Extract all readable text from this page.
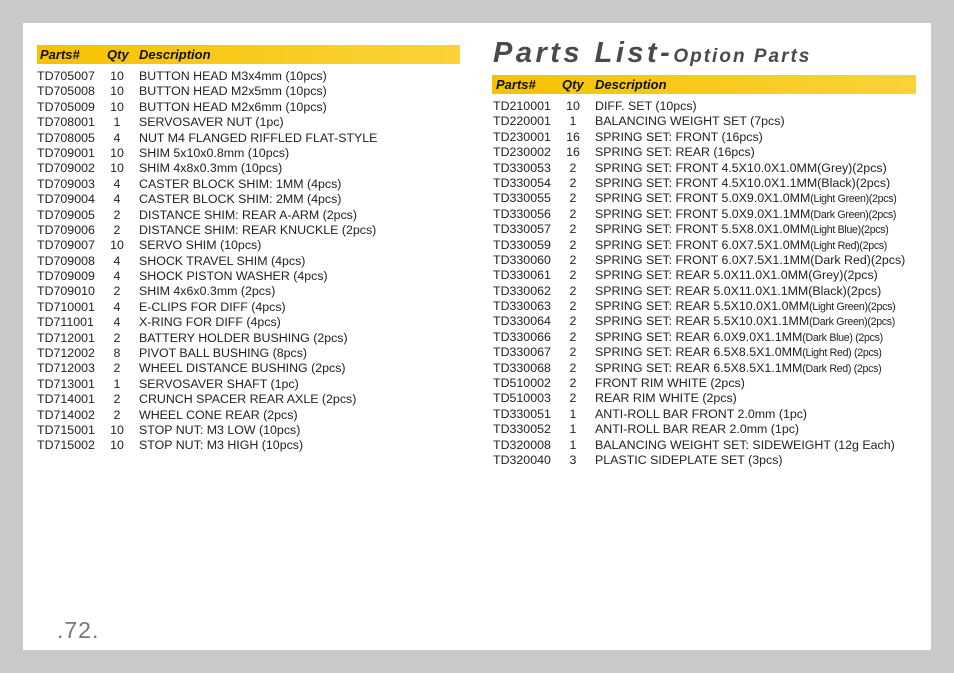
Parts# Qty Description
TD705007	10	BUTTON HEAD M3x4mm (10pcs)
TD705008	10	BUTTON HEAD M2x5mm (10pcs)
TD705009	10	BUTTON HEAD M2x6mm (10pcs)
TD708001	1	SERVOSAVER NUT (1pc)
TD708005	4	NUT M4 FLANGED RIFFLED FLAT-STYLE
TD709001	10	SHIM 5x10x0.8mm (10pcs)
TD709002	10	SHIM 4x8x0.3mm (10pcs)
TD709003	4	CASTER BLOCK SHIM: 1MM (4pcs)
TD709004	4	CASTER BLOCK SHIM: 2MM (4pcs)
TD709005	2	DISTANCE SHIM: REAR A-ARM (2pcs)
TD709006	2	DISTANCE SHIM: REAR KNUCKLE (2pcs)
TD709007	10	SERVO SHIM (10pcs)
TD709008	4	SHOCK TRAVEL SHIM (4pcs)
TD709009	4	SHOCK PISTON WASHER (4pcs)
TD709010	2	SHIM 4x6x0.3mm (2pcs)
TD710001	4	E-CLIPS FOR DIFF (4pcs)
TD711001	4	X-RING FOR DIFF (4pcs)
TD712001	2	BATTERY HOLDER BUSHING (2pcs)
TD712002	8	PIVOT BALL BUSHING (8pcs)
TD712003	2	WHEEL DISTANCE BUSHING (2pcs)
TD713001	1	SERVOSAVER SHAFT (1pc)
TD714001	2	CRUNCH SPACER REAR AXLE (2pcs)
TD714002	2	WHEEL CONE REAR (2pcs)
TD715001	10	STOP NUT: M3 LOW (10pcs)
TD715002	10	STOP NUT: M3 HIGH (10pcs)
Parts List-Option Parts
Parts# Qty Description
TD210001	10	DIFF. SET (10pcs)
TD220001	1	BALANCING WEIGHT SET (7pcs)
TD230001	16	SPRING SET: FRONT (16pcs)
TD230002	16	SPRING SET: REAR (16pcs)
TD330053	2	SPRING SET: FRONT 4.5X10.0X1.0MM(Grey)(2pcs)
TD330054	2	SPRING SET: FRONT 4.5X10.0X1.1MM(Black)(2pcs)
TD330055	2	SPRING SET: FRONT 5.0X9.0X1.0MM(Light Green)(2pcs)
TD330056	2	SPRING SET: FRONT 5.0X9.0X1.1MM(Dark Green)(2pcs)
TD330057	2	SPRING SET: FRONT 5.5X8.0X1.0MM(Light Blue)(2pcs)
TD330059	2	SPRING SET: FRONT 6.0X7.5X1.0MM(Light Red)(2pcs)
TD330060	2	SPRING SET: FRONT 6.0X7.5X1.1MM(Dark Red)(2pcs)
TD330061	2	SPRING SET: REAR 5.0X11.0X1.0MM(Grey)(2pcs)
TD330062	2	SPRING SET: REAR 5.0X11.0X1.1MM(Black)(2pcs)
TD330063	2	SPRING SET: REAR 5.5X10.0X1.0MM(Light Green)(2pcs)
TD330064	2	SPRING SET: REAR 5.5X10.0X1.1MM(Dark Green)(2pcs)
TD330066	2	SPRING SET: REAR 6.0X9.0X1.1MM(Dark Blue) (2pcs)
TD330067	2	SPRING SET: REAR 6.5X8.5X1.0MM(Light Red) (2pcs)
TD330068	2	SPRING SET: REAR 6.5X8.5X1.1MM(Dark Red) (2pcs)
TD510002	2	FRONT RIM WHITE (2pcs)
TD510003	2	REAR RIM WHITE (2pcs)
TD330051	1	ANTI-ROLL BAR FRONT 2.0mm (1pc)
TD330052	1	ANTI-ROLL BAR REAR 2.0mm (1pc)
TD320008	1	BALANCING WEIGHT SET: SIDEWEIGHT (12g Each)
TD320040	3	PLASTIC SIDEPLATE SET (3pcs)
.72.
